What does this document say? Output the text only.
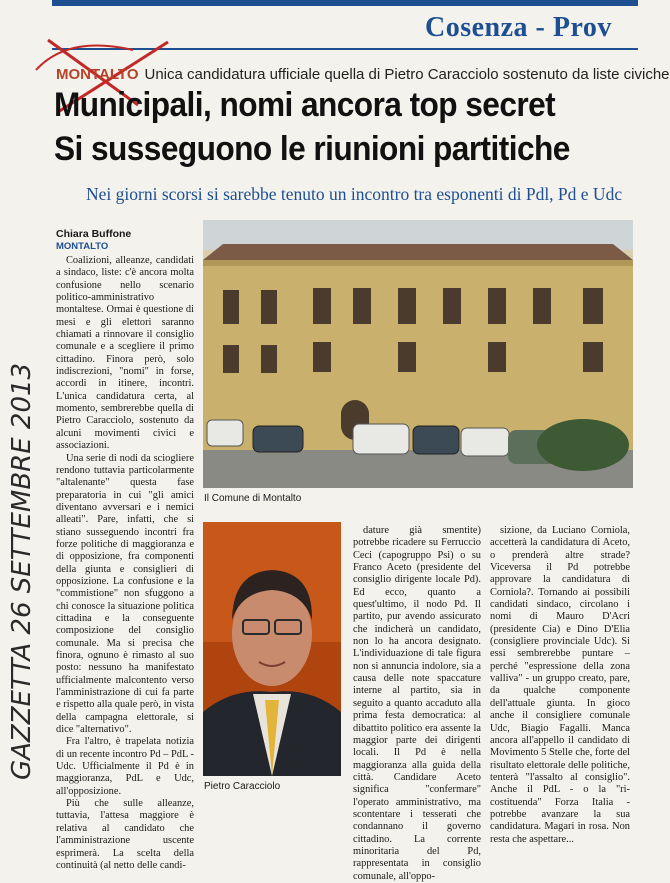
Cosenza - Prov
GAZZETTA 26 SETTEMBRE 2013
MONTALTO Unica candidatura ufficiale quella di Pietro Caracciolo sostenuto da liste civiche
Municipali, nomi ancora top secret
Si susseguono le riunioni partitiche
Nei giorni scorsi si sarebbe tenuto un incontro tra esponenti di Pdl, Pd e Udc
Chiara Buffone
MONTALTO

Coalizioni, alleanze, candidati a sindaco, liste: c'è ancora molta confusione nello scenario politico-amministrativo montaltese. Ormai è questione di mesi e gli elettori saranno chiamati a rinnovare il consiglio comunale e a scegliere il primo cittadino. Finora però, solo indiscrezioni, "nomi" in forse, accordi in itinere, incontri. L'unica candidatura certa, al momento, sembrerebbe quella di Pietro Caracciolo, sostenuto da alcuni movimenti civici e associazioni.

Una serie di nodi da sciogliere rendono tuttavia particolarmente "altalenante" questa fase preparatoria in cui "gli amici diventano avversari e i nemici alleati". Pare, infatti, che si stiano susseguendo incontri fra forze politiche di maggioranza e di opposizione, fra componenti della giunta e consiglieri di opposizione. La confusione e la "commistione" non sfuggono a chi conosce la situazione politica cittadina e la conseguente composizione del consiglio comunale. Ma si precisa che finora, ognuno è rimasto al suo posto: nessuno ha manifestato ufficialmente malcontento verso l'amministrazione di cui fa parte e rispetto alla quale però, in vista della campagna elettorale, si dice "alternativo".

Fra l'altro, è trapelata notizia di un recente incontro Pd – PdL - Udc. Ufficialmente il Pd è in maggioranza, PdL e Udc, all'opposizione.

Più che sulle alleanze, tuttavia, l'attesa maggiore è relativa al candidato che l'amministrazione uscente esprimerà. La scelta della continuità (al netto delle candi-

Il Comune di Montalto
Pietro Caracciolo

dature già smentite) potrebbe ricadere su Ferruccio Ceci (capogruppo Psi) o su Franco Aceto (presidente del consiglio dirigente locale Pd). Ed ecco, quanto a quest'ultimo, il nodo Pd. Il partito, pur avendo assicurato che indicherà un candidato, non lo ha ancora designato. L'individuazione di tale figura non si annuncia indolore, sia a causa delle note spaccature interne al partito, sia in seguito a quanto accaduto alla prima festa democratica: al dibattito politico era assente la maggior parte dei dirigenti locali. Il Pd è nella maggioranza alla guida della città. Candidare Aceto significa "confermare" l'operato amministrativo, ma scontentare i tesserati che condannano il governo cittadino. La corrente minoritaria del Pd, rappresentata in consiglio comunale, all'oppo-

sizione, da Luciano Corniola, accetterà la candidatura di Aceto, o prenderà altre strade? Viceversa il Pd potrebbe approvare la candidatura di Corniola?. Tornando ai possibili candidati sindaco, circolano i nomi di Mauro D'Acri (presidente Cia) e Dino D'Elia (consigliere provinciale Udc). Si essi sembrerebbe puntare – perché "espressione della zona valliva" - un gruppo creato, pare, da qualche componente dell'attuale giunta. In gioco anche il consigliere comunale Udc, Biagio Fagalli. Manca ancora all'appello il candidato di Movimento 5 Stelle che, forte del risultato elettorale delle politiche, tenterà "l'assalto al consiglio". Anche il PdL - o la "ri-costituenda" Forza Italia - potrebbe avanzare la sua candidatura. Magari in rosa. Non resta che aspettare...
